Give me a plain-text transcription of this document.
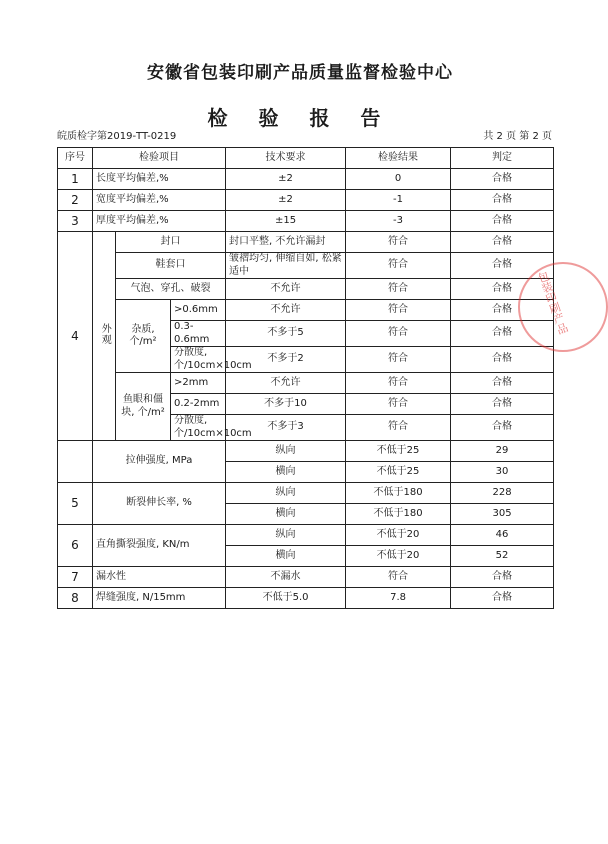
安徽省包装印刷产品质量监督检验中心
检 验 报 告
皖质检字第2019-TT-0219	共 2 页 第 2 页
序号	检验项目			技术要求	检验结果	判定
1	长度平均偏差,%			±2	0	合格
2	宽度平均偏差,%			±2	-1	合格
3	厚度平均偏差,%			±15	-3	合格
4	外观	封口		封口平整, 不允许漏封	符合	合格
		鞋套口		皱褶均匀, 伸缩自如, 松紧适中	符合	合格
		气泡、穿孔、破裂		不允许	符合	合格
		杂质, 个/m²	>0.6mm	不允许	符合	合格
			0.3-0.6mm	不多于5	符合	合格
			分散度, 个/10cm×10cm	不多于2	符合	合格
		鱼眼和僵块, 个/m²	>2mm	不允许	符合	合格
			0.2-2mm	不多于10	符合	合格
			分散度, 个/10cm×10cm	不多于3	符合	合格

	拉伸强度, MPa			纵向	不低于25	29
				横向	不低于25	30
5	断裂伸长率, %			纵向	不低于180	228
				横向	不低于180	305
6	直角撕裂强度, KN/m			纵向	不低于20	46
				横向	不低于20	52
7	漏水性			不漏水	符合	合格
8	焊缝强度, N/15mm			不低于5.0	7.8	合格
包装印刷产品
